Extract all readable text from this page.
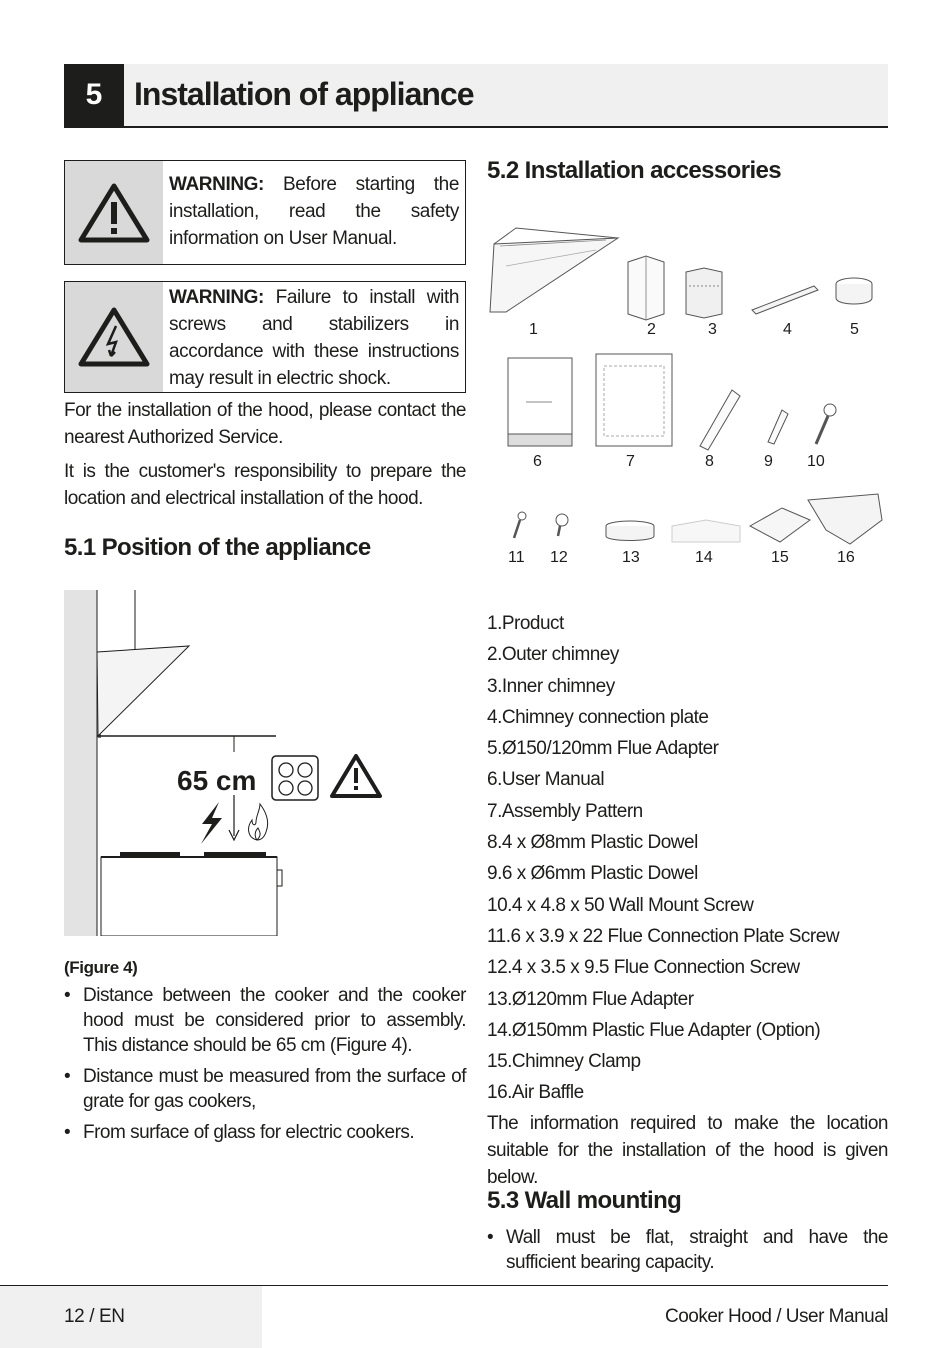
5 Installation of appliance
WARNING: Before starting the installation, read the safety information on User Manual.
WARNING: Failure to install with screws and stabilizers in accordance with these instructions may result in electric shock.

For the installation of the hood, please contact the nearest Authorized Service.

It is the customer's responsibility to prepare the location and electrical installation of the hood.

5.1 Position of the appliance
65 cm
(Figure 4)
• Distance between the cooker and the cooker hood must be considered prior to assembly. This distance should be 65 cm (Figure 4).
• Distance must be measured from the surface of grate for gas cookers,
• From surface of glass for electric cookers.
5.2 Installation accessories
1	2	3	4	5
6	7	8	9 10
11 12	13	14	15	16
1.Product
2.Outer chimney
3.Inner chimney
4.Chimney connection plate
5.Ø150/120mm Flue Adapter
6.User Manual
7.Assembly Pattern
8.4 x Ø8mm Plastic Dowel
9.6 x Ø6mm Plastic Dowel
10.4 x 4.8 x 50 Wall Mount Screw
11.6 x 3.9 x 22 Flue Connection Plate Screw
12.4 x 3.5 x 9.5 Flue Connection Screw
13.Ø120mm Flue Adapter
14.Ø150mm Plastic Flue Adapter (Option)
15.Chimney Clamp
16.Air Baffle

The information required to make the location suitable for the installation of the hood is given below.

5.3 Wall mounting
• Wall must be flat, straight and have the sufficient bearing capacity.
12 / EN	Cooker Hood / User Manual
